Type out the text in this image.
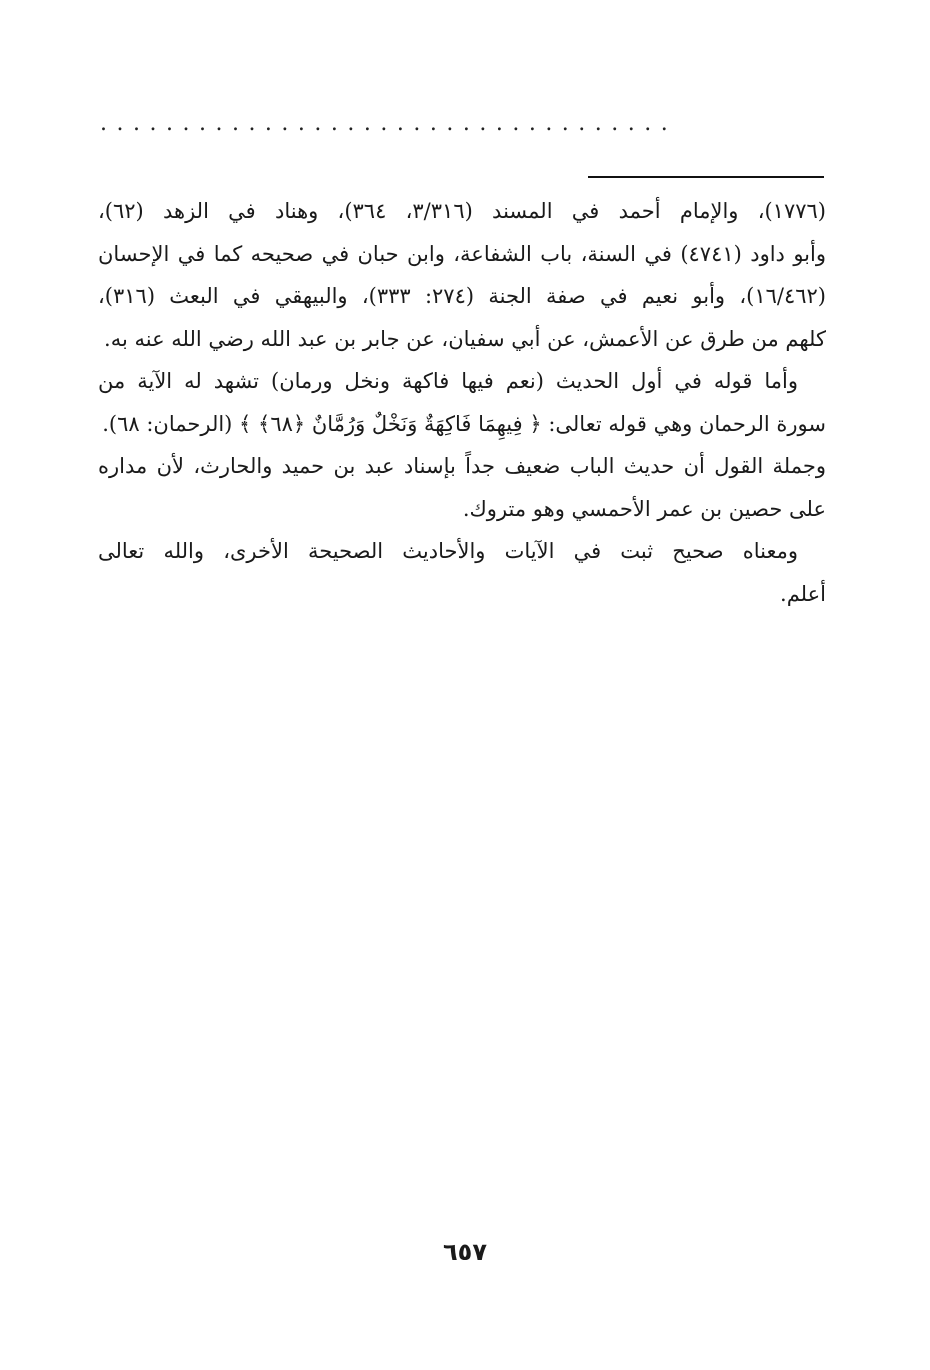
...................................
(١٧٧٦)، والإمام أحمد في المسند (٣/٣١٦، ٣٦٤)، وهناد في الزهد (٦٢)،
وأبو داود (٤٧٤١) في السنة، باب الشفاعة، وابن حبان في صحيحه كما في الإحسان
(١٦/٤٦٢)، وأبو نعيم في صفة الجنة (٢٧٤: ٣٣٣)، والبيهقي في البعث (٣١٦)،
كلهم من طرق عن الأعمش، عن أبي سفيان، عن جابر بن عبد الله رضي الله عنه به.
وأما قوله في أول الحديث (نعم فيها فاكهة ونخل ورمان) تشهد له الآية من
سورة الرحمان وهي قوله تعالى: ﴿ فِيهِمَا فَاكِهَةٌ وَنَخْلٌ وَرُمَّانٌ ﴿٦٨﴾ ﴾ (الرحمان: ٦٨).
وجملة القول أن حديث الباب ضعيف جداً بإسناد عبد بن حميد والحارث، لأن مداره
على حصين بن عمر الأحمسي وهو متروك.
ومعناه صحيح ثبت في الآيات والأحاديث الصحيحة الأخرى، والله تعالى
أعلم.
٦٥٧
